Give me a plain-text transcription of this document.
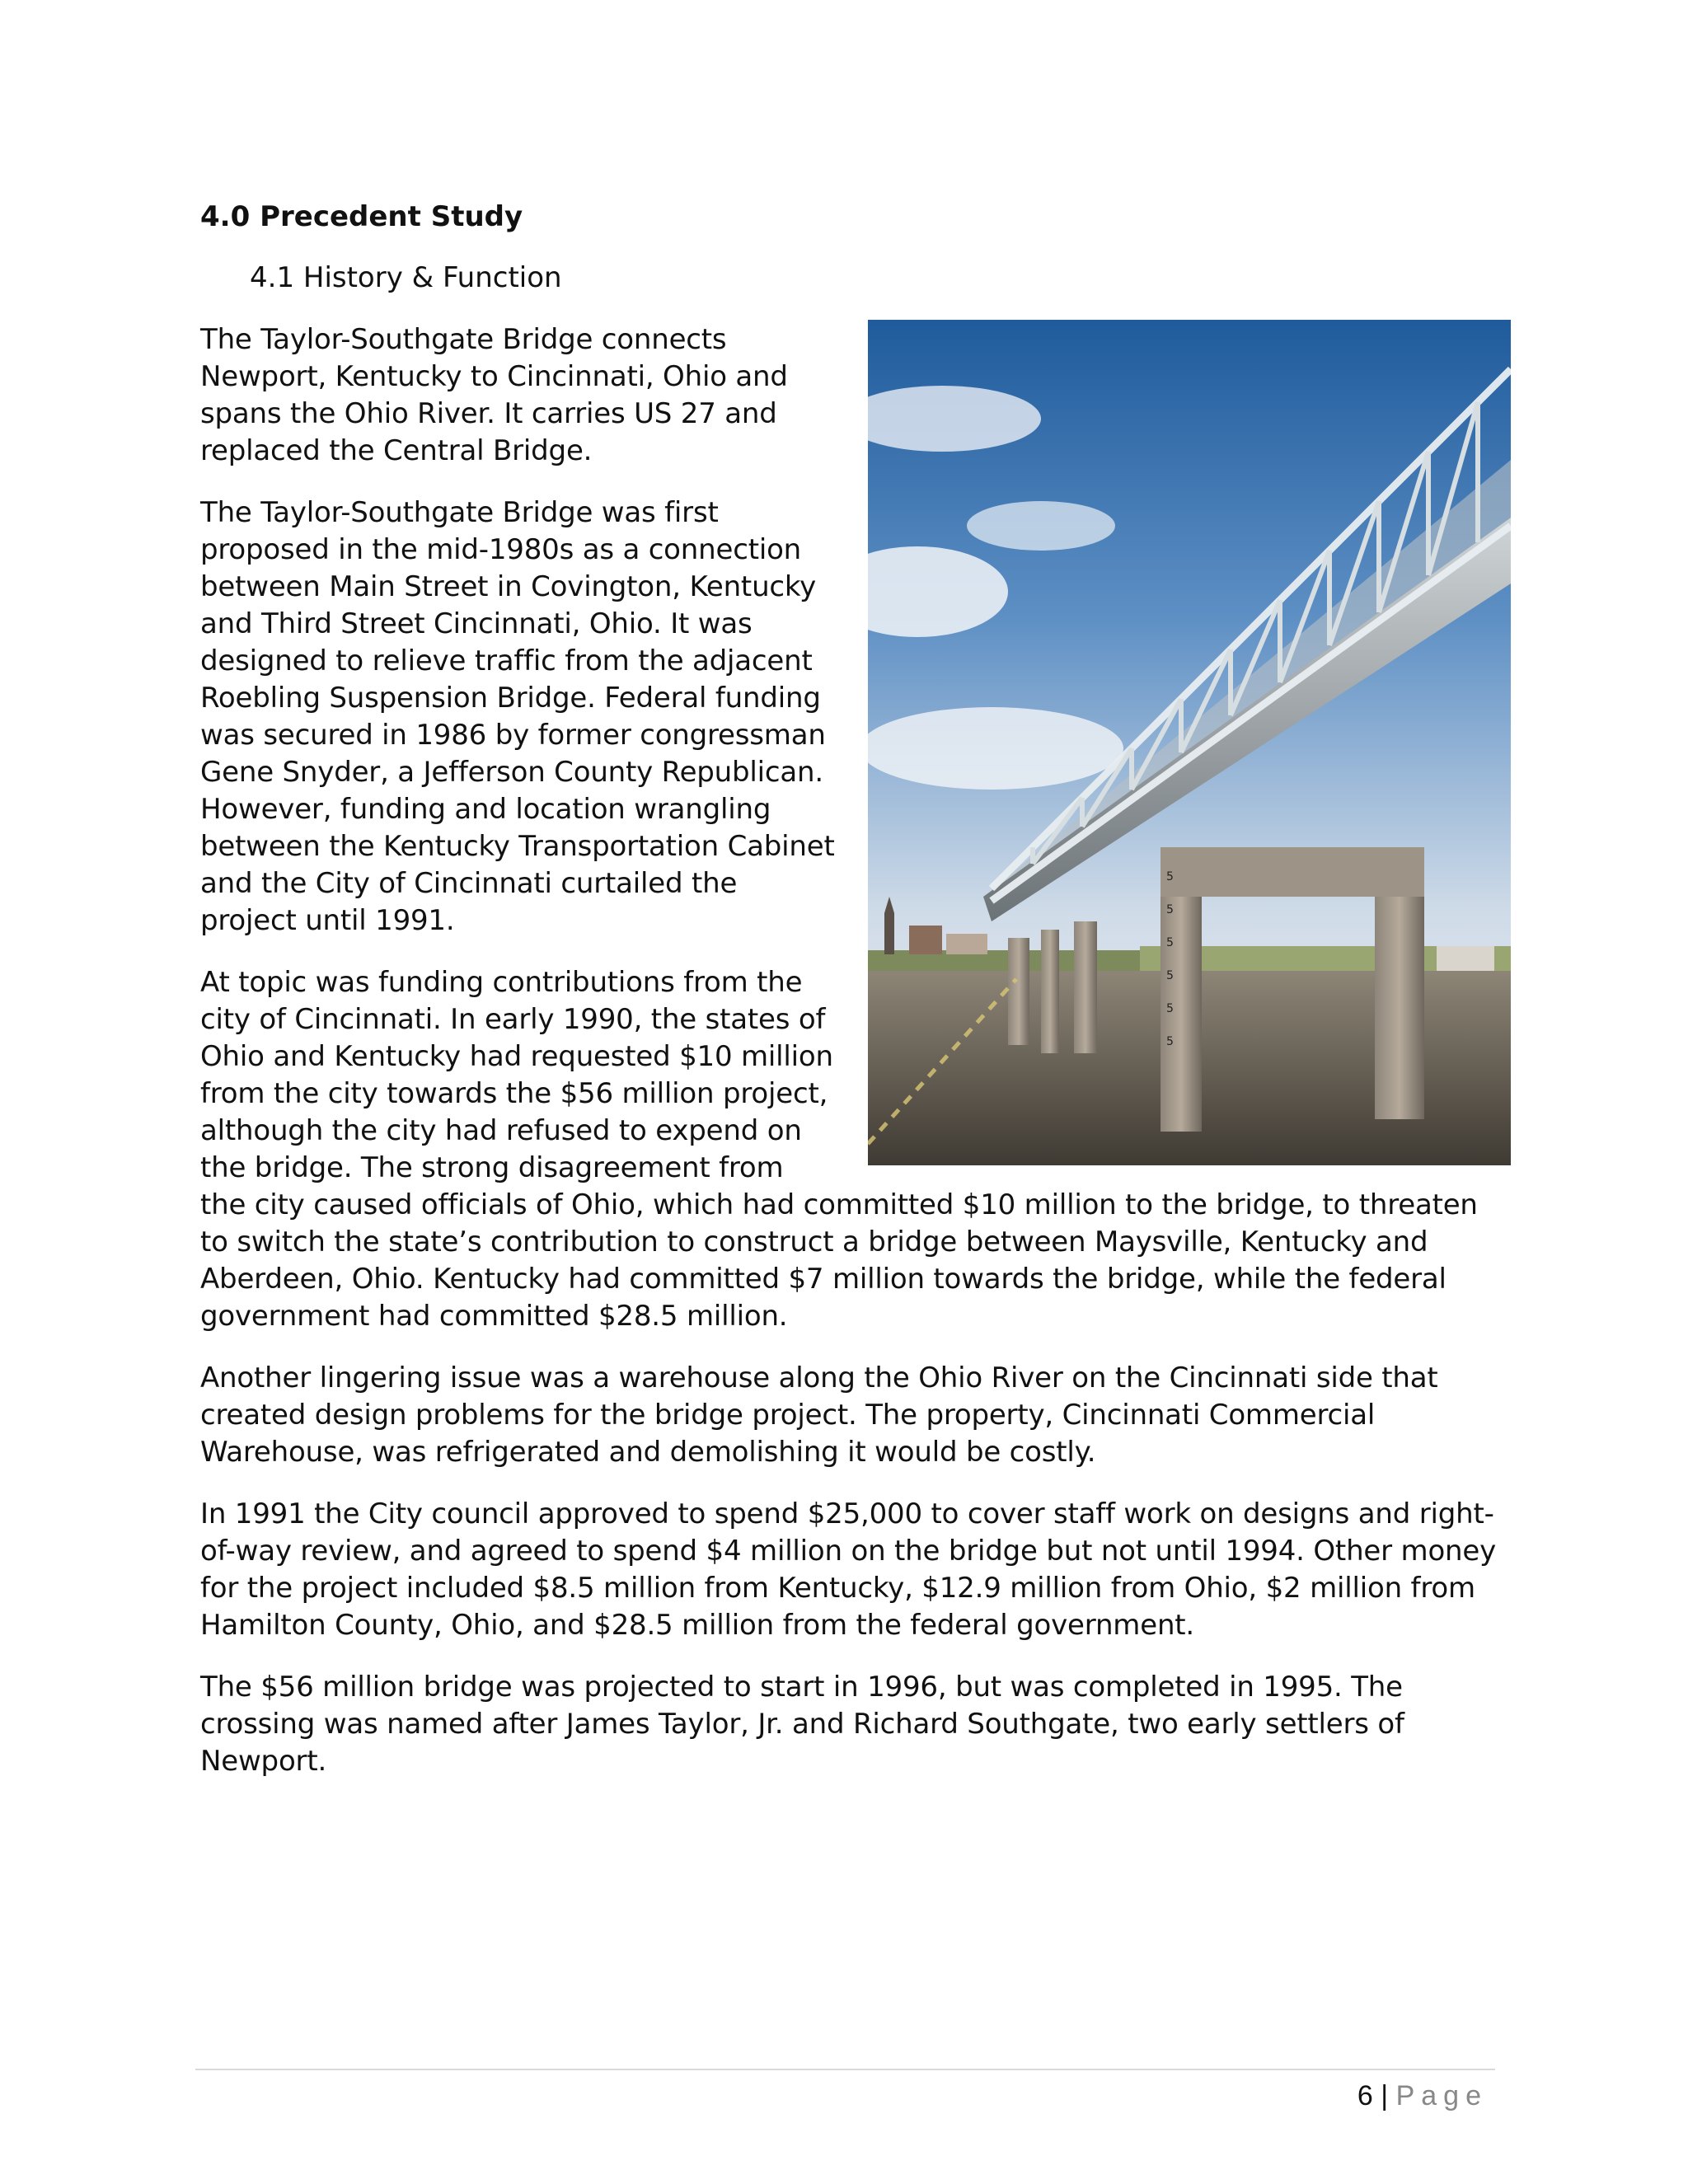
4.0 Precedent Study
4.1 History & Function
5
5
5
5
5
5

The Taylor-Southgate Bridge connects Newport, Kentucky to Cincinnati, Ohio and spans the Ohio River. It carries US 27 and replaced the Central Bridge.

The Taylor-Southgate Bridge was first proposed in the mid-1980s as a connection between Main Street in Covington, Kentucky and Third Street Cincinnati, Ohio. It was designed to relieve traffic from the adjacent Roebling Suspension Bridge. Federal funding was secured in 1986 by former congressman Gene Snyder, a Jefferson County Republican. However, funding and location wrangling between the Kentucky Transportation Cabinet and the City of Cincinnati curtailed the project until 1991.

At topic was funding contributions from the city of Cincinnati. In early 1990, the states of Ohio and Kentucky had requested $10 million from the city towards the $56 million project, although the city had refused to expend on the bridge. The strong disagreement from the city caused officials of Ohio, which had committed $10 million to the bridge, to threaten to switch the state’s contribution to construct a bridge between Maysville, Kentucky and Aberdeen, Ohio. Kentucky had committed $7 million towards the bridge, while the federal government had committed $28.5 million.

Another lingering issue was a warehouse along the Ohio River on the Cincinnati side that created design problems for the bridge project. The property, Cincinnati Commercial Warehouse, was refrigerated and demolishing it would be costly.

In 1991 the City council approved to spend $25,000 to cover staff work on designs and right-of-way review, and agreed to spend $4 million on the bridge but not until 1994. Other money for the project included $8.5 million from Kentucky, $12.9 million from Ohio, $2 million from Hamilton County, Ohio, and $28.5 million from the federal government.

The $56 million bridge was projected to start in 1996, but was completed in 1995. The crossing was named after James Taylor, Jr. and Richard Southgate, two early settlers of Newport.

6 | Page
